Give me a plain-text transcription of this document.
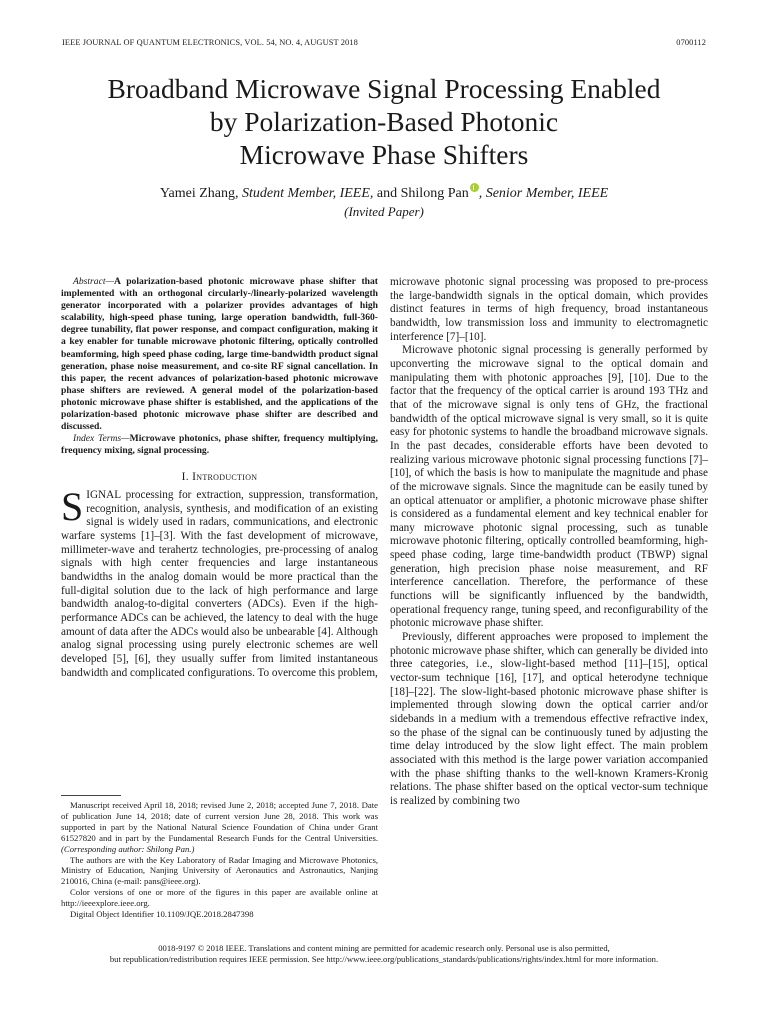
IEEE JOURNAL OF QUANTUM ELECTRONICS, VOL. 54, NO. 4, AUGUST 2018	0700112
Broadband Microwave Signal Processing Enabled
by Polarization-Based Photonic
Microwave Phase Shifters
Yamei Zhang, Student Member, IEEE, and Shilong Pan , Senior Member, IEEE
(Invited Paper)

Abstract—A polarization-based photonic microwave phase shifter that implemented with an orthogonal circularly-/linearly-polarized wavelength generator incorporated with a polarizer provides advantages of high scalability, high-speed phase tuning, large operation bandwidth, full-360-degree tunability, flat power response, and compact configuration, making it a key enabler for tunable microwave photonic filtering, optically controlled beamforming, high speed phase coding, large time-bandwidth product signal generation, phase noise measurement, and co-site RF signal cancellation. In this paper, the recent advances of polarization-based photonic microwave phase shifters are reviewed. A general model of the polarization-based photonic microwave phase shifter is established, and the applications of the polarization-based photonic microwave phase shifter are described and discussed.

Index Terms—Microwave photonics, phase shifter, frequency multiplying, frequency mixing, signal processing.

I. Introduction

SIGNAL processing for extraction, suppression, transformation, recognition, analysis, synthesis, and modification of an existing signal is widely used in radars, communications, and electronic warfare systems [1]–[3]. With the fast development of microwave, millimeter-wave and terahertz technologies, pre-processing of analog signals with high center frequencies and large instantaneous bandwidths in the analog domain would be more practical than the full-digital solution due to the lack of high performance and large bandwidth analog-to-digital converters (ADCs). Even if the high-performance ADCs can be achieved, the latency to deal with the huge amount of data after the ADCs would also be unbearable [4]. Although analog signal processing using purely electronic schemes are well developed [5], [6], they usually suffer from limited instantaneous bandwidth and complicated configurations. To overcome this problem,

Manuscript received April 18, 2018; revised June 2, 2018; accepted June 7, 2018. Date of publication June 14, 2018; date of current version June 28, 2018. This work was supported in part by the National Natural Science Foundation of China under Grant 61527820 and in part by the Fundamental Research Funds for the Central Universities. (Corresponding author: Shilong Pan.)

The authors are with the Key Laboratory of Radar Imaging and Microwave Photonics, Ministry of Education, Nanjing University of Aeronautics and Astronautics, Nanjing 210016, China (e-mail: pans@ieee.org).

Color versions of one or more of the figures in this paper are available online at http://ieeexplore.ieee.org.

Digital Object Identifier 10.1109/JQE.2018.2847398

microwave photonic signal processing was proposed to pre-process the large-bandwidth signals in the optical domain, which provides distinct features in terms of high frequency, broad instantaneous bandwidth, low transmission loss and immunity to electromagnetic interference [7]–[10].

Microwave photonic signal processing is generally performed by upconverting the microwave signal to the optical domain and manipulating them with photonic approaches [9], [10]. Due to the factor that the frequency of the optical carrier is around 193 THz and that of the microwave signal is only tens of GHz, the fractional bandwidth of the optical microwave signal is very small, so it is quite easy for photonic systems to handle the broadband microwave signals. In the past decades, considerable efforts have been devoted to realizing various microwave photonic signal processing functions [7]–[10], of which the basis is how to manipulate the magnitude and phase of the microwave signals. Since the magnitude can be easily tuned by an optical attenuator or amplifier, a photonic microwave phase shifter is considered as a fundamental element and key technical enabler for many microwave photonic signal processing, such as tunable microwave photonic filtering, optically controlled beamforming, high-speed phase coding, large time-bandwidth product (TBWP) signal generation, high precision phase noise measurement, and RF interference cancellation. Therefore, the performance of these functions will be significantly influenced by the bandwidth, operational frequency range, tuning speed, and reconfigurability of the photonic microwave phase shifter.

Previously, different approaches were proposed to implement the photonic microwave phase shifter, which can generally be divided into three categories, i.e., slow-light-based method [11]–[15], optical vector-sum technique [16], [17], and optical heterodyne technique [18]–[22]. The slow-light-based photonic microwave phase shifter is implemented through slowing down the optical carrier and/or sidebands in a medium with a tremendous effective refractive index, so the phase of the signal can be continuously tuned by adjusting the time delay introduced by the slow light effect. The main problem associated with this method is the large power variation accompanied with the phase shifting thanks to the well-known Kramers-Kronig relations. The phase shifter based on the optical vector-sum technique is realized by combining two

0018-9197 © 2018 IEEE. Translations and content mining are permitted for academic research only. Personal use is also permitted,
but republication/redistribution requires IEEE permission. See http://www.ieee.org/publications_standards/publications/rights/index.html for more information.
